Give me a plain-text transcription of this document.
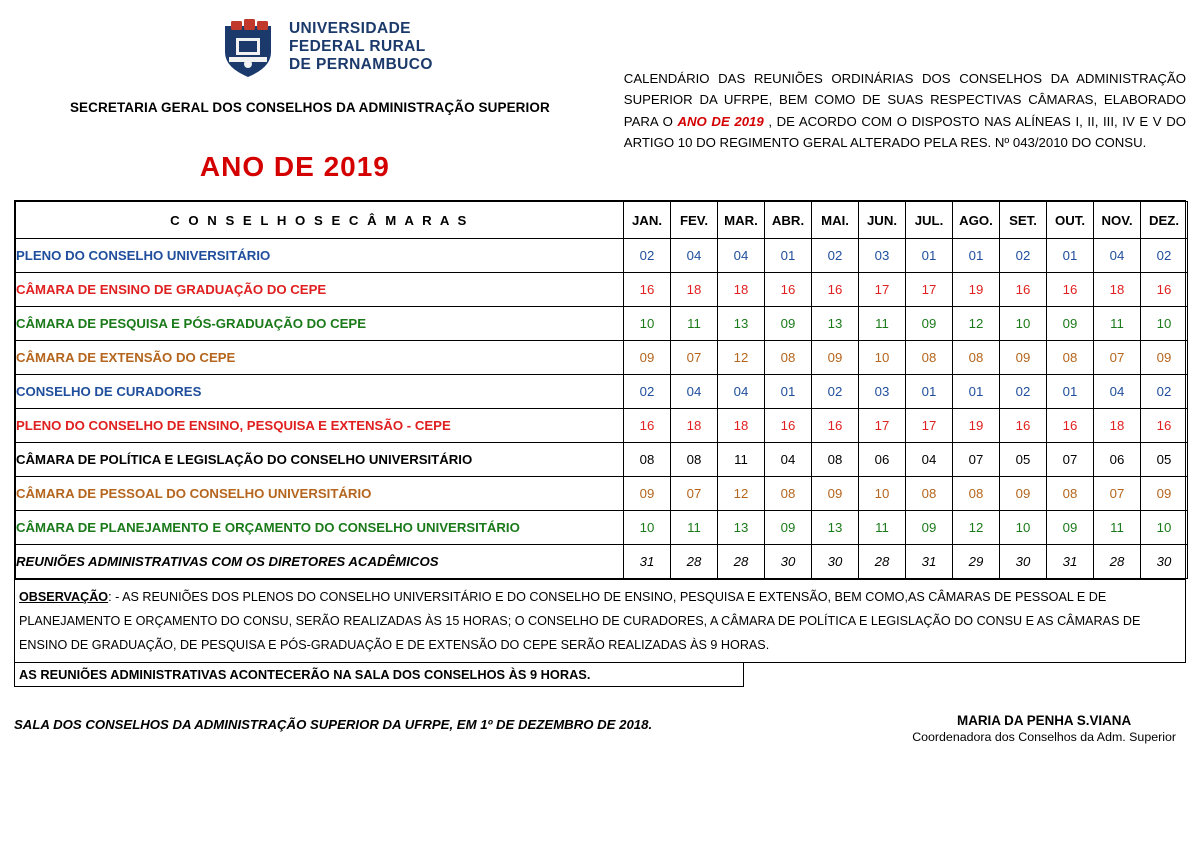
UNIVERSIDADE
FEDERAL RURAL
DE PERNAMBUCO
SECRETARIA GERAL DOS CONSELHOS DA ADMINISTRAÇÃO SUPERIOR
ANO DE 2019
CALENDÁRIO DAS REUNIÕES ORDINÁRIAS DOS CONSELHOS DA ADMINISTRAÇÃO SUPERIOR DA UFRPE, BEM COMO DE SUAS RESPECTIVAS CÂMARAS, ELABORADO PARA O ANO DE 2019 , DE ACORDO COM O DISPOSTO NAS ALÍNEAS I, II, III, IV E V DO ARTIGO 10 DO REGIMENTO GERAL ALTERADO PELA RES. Nº 043/2010 DO CONSU.
C O N S E L H O S E C Â M A R A S	JAN.	FEV.	MAR.	ABR.	MAI.	JUN.	JUL.	AGO.	SET.	OUT.	NOV.	DEZ.
PLENO DO CONSELHO UNIVERSITÁRIO	02	04	04	01	02	03	01	01	02	01	04	02
CÂMARA DE ENSINO DE GRADUAÇÃO DO CEPE	16	18	18	16	16	17	17	19	16	16	18	16
CÂMARA DE PESQUISA E PÓS-GRADUAÇÃO DO CEPE	10	11	13	09	13	11	09	12	10	09	11	10
CÂMARA DE EXTENSÃO DO CEPE	09	07	12	08	09	10	08	08	09	08	07	09
CONSELHO DE CURADORES	02	04	04	01	02	03	01	01	02	01	04	02
PLENO DO CONSELHO DE ENSINO, PESQUISA E EXTENSÃO - CEPE	16	18	18	16	16	17	17	19	16	16	18	16
CÂMARA DE POLÍTICA E LEGISLAÇÃO DO CONSELHO UNIVERSITÁRIO	08	08	11	04	08	06	04	07	05	07	06	05
CÂMARA DE PESSOAL DO CONSELHO UNIVERSITÁRIO	09	07	12	08	09	10	08	08	09	08	07	09
CÂMARA DE PLANEJAMENTO E ORÇAMENTO DO CONSELHO UNIVERSITÁRIO	10	11	13	09	13	11	09	12	10	09	11	10
REUNIÕES ADMINISTRATIVAS COM OS DIRETORES ACADÊMICOS	31	28	28	30	30	28	31	29	30	31	28	30
OBSERVAÇÃO: - AS REUNIÕES DOS PLENOS DO CONSELHO UNIVERSITÁRIO E DO CONSELHO DE ENSINO, PESQUISA E EXTENSÃO, BEM COMO,AS CÂMARAS DE PESSOAL E DE PLANEJAMENTO E ORÇAMENTO DO CONSU, SERÃO REALIZADAS ÀS 15 HORAS; O CONSELHO DE CURADORES, A CÂMARA DE POLÍTICA E LEGISLAÇÃO DO CONSU E AS CÂMARAS DE ENSINO DE GRADUAÇÃO, DE PESQUISA E PÓS-GRADUAÇÃO E DE EXTENSÃO DO CEPE SERÃO REALIZADAS ÀS 9 HORAS.
AS REUNIÕES ADMINISTRATIVAS ACONTECERÃO NA SALA DOS CONSELHOS ÀS 9 HORAS.
SALA DOS CONSELHOS DA ADMINISTRAÇÃO SUPERIOR DA UFRPE, EM 1º DE DEZEMBRO DE 2018.	MARIA DA PENHA S.VIANA
Coordenadora dos Conselhos da Adm. Superior
